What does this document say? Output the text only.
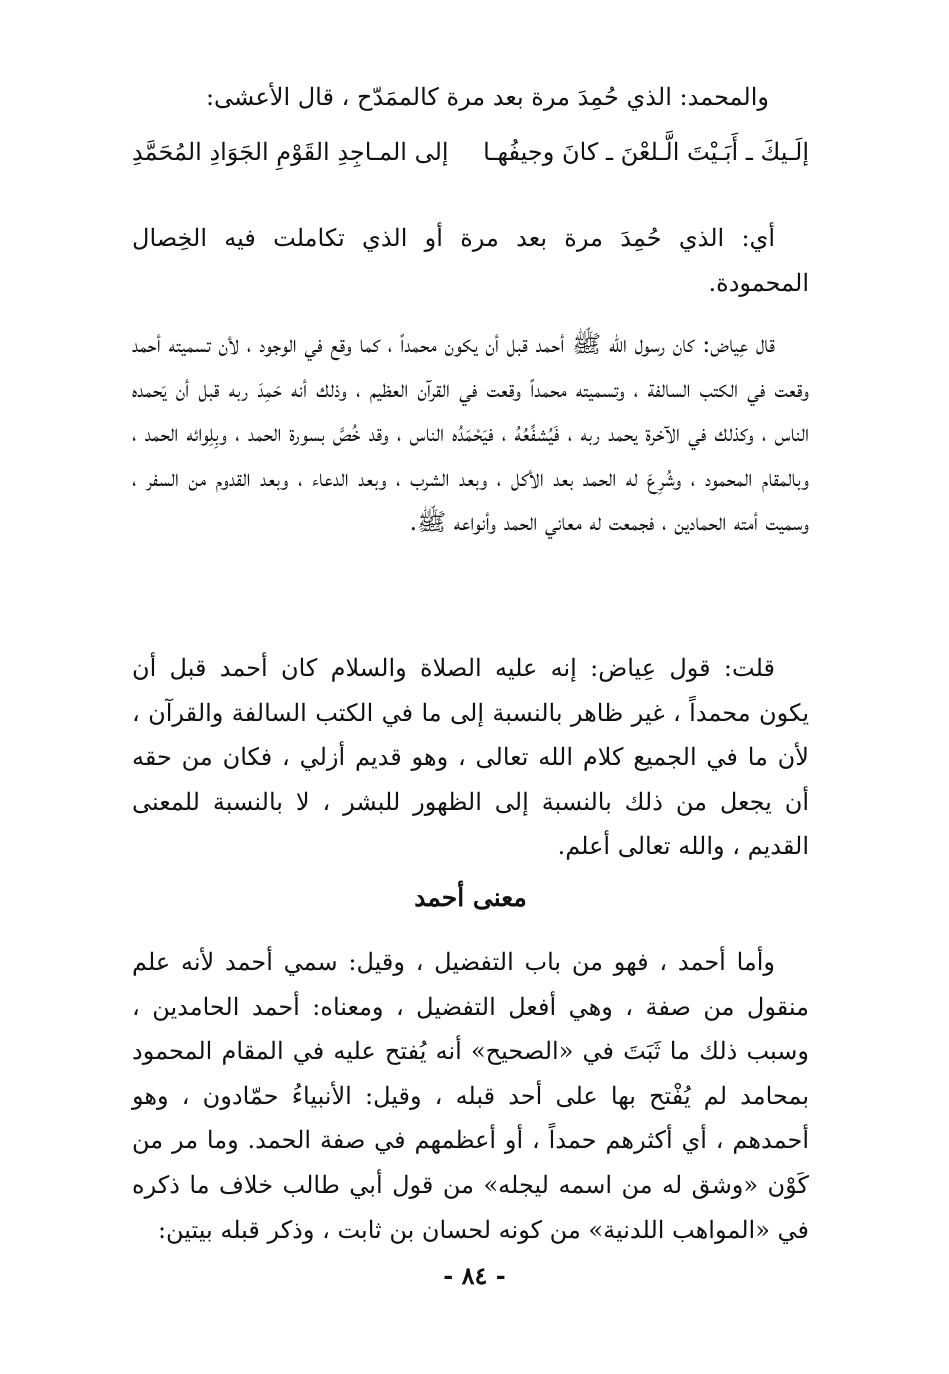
والمحمد: الذي حُمِدَ مرة بعد مرة كالممَدّح ، قال الأعشى:
إلَـيكَ ـ أَبَـيْتَ الَّـلعْنَ ـ كانَ وجيفُهـا
إلى المـاجِدِ القَوْمِ الجَوَادِ المُحَمَّدِ
أي: الذي حُمِدَ مرة بعد مرة أو الذي تكاملت فيه الخِصال المحمودة.
قال عِياض: كان رسول الله ﷺ أحمد قبل أن يكون محمداً ، كما وقع في الوجود ، لأن تسميته أحمد وقعت في الكتب السالفة ، وتسميته محمداً وقعت في القرآن العظيم ، وذلك أنه حَمِدَ ربه قبل أن يَحمده الناس ، وكذلك في الآخرة يحمد ربه ، فَيُشفِّعُهُ ، فيَحْمَدُه الناس ، وقد خُصَّ بسورة الحمد ، وبِلِوائه الحمد ، وبالمقام المحمود ، وشُرِعَ له الحمد بعد الأكل ، وبعد الشرب ، وبعد الدعاء ، وبعد القدوم من السفر ، وسميت أمته الحمادين ، فجمعت له معاني الحمد وأنواعه ﷺ.
قلت: قول عِياض: إنه عليه الصلاة والسلام كان أحمد قبل أن يكون محمداً ، غير ظاهر بالنسبة إلى ما في الكتب السالفة والقرآن ، لأن ما في الجميع كلام الله تعالى ، وهو قديم أزلي ، فكان من حقه أن يجعل من ذلك بالنسبة إلى الظهور للبشر ، لا بالنسبة للمعنى القديم ، والله تعالى أعلم.
معنى أحمد
وأما أحمد ، فهو من باب التفضيل ، وقيل: سمي أحمد لأنه علم منقول من صفة ، وهي أفعل التفضيل ، ومعناه: أحمد الحامدين ، وسبب ذلك ما ثَبَتَ في «الصحيح» أنه يُفتح عليه في المقام المحمود بمحامد لم يُفْتح بها على أحد قبله ، وقيل: الأنبياءُ حمّادون ، وهو أحمدهم ، أي أكثرهم حمداً ، أو أعظمهم في صفة الحمد. وما مر من كَوْن «وشق له من اسمه ليجله» من قول أبي طالب خلاف ما ذكره في «المواهب اللدنية» من كونه لحسان بن ثابت ، وذكر قبله بيتين:
- ٨٤ -
